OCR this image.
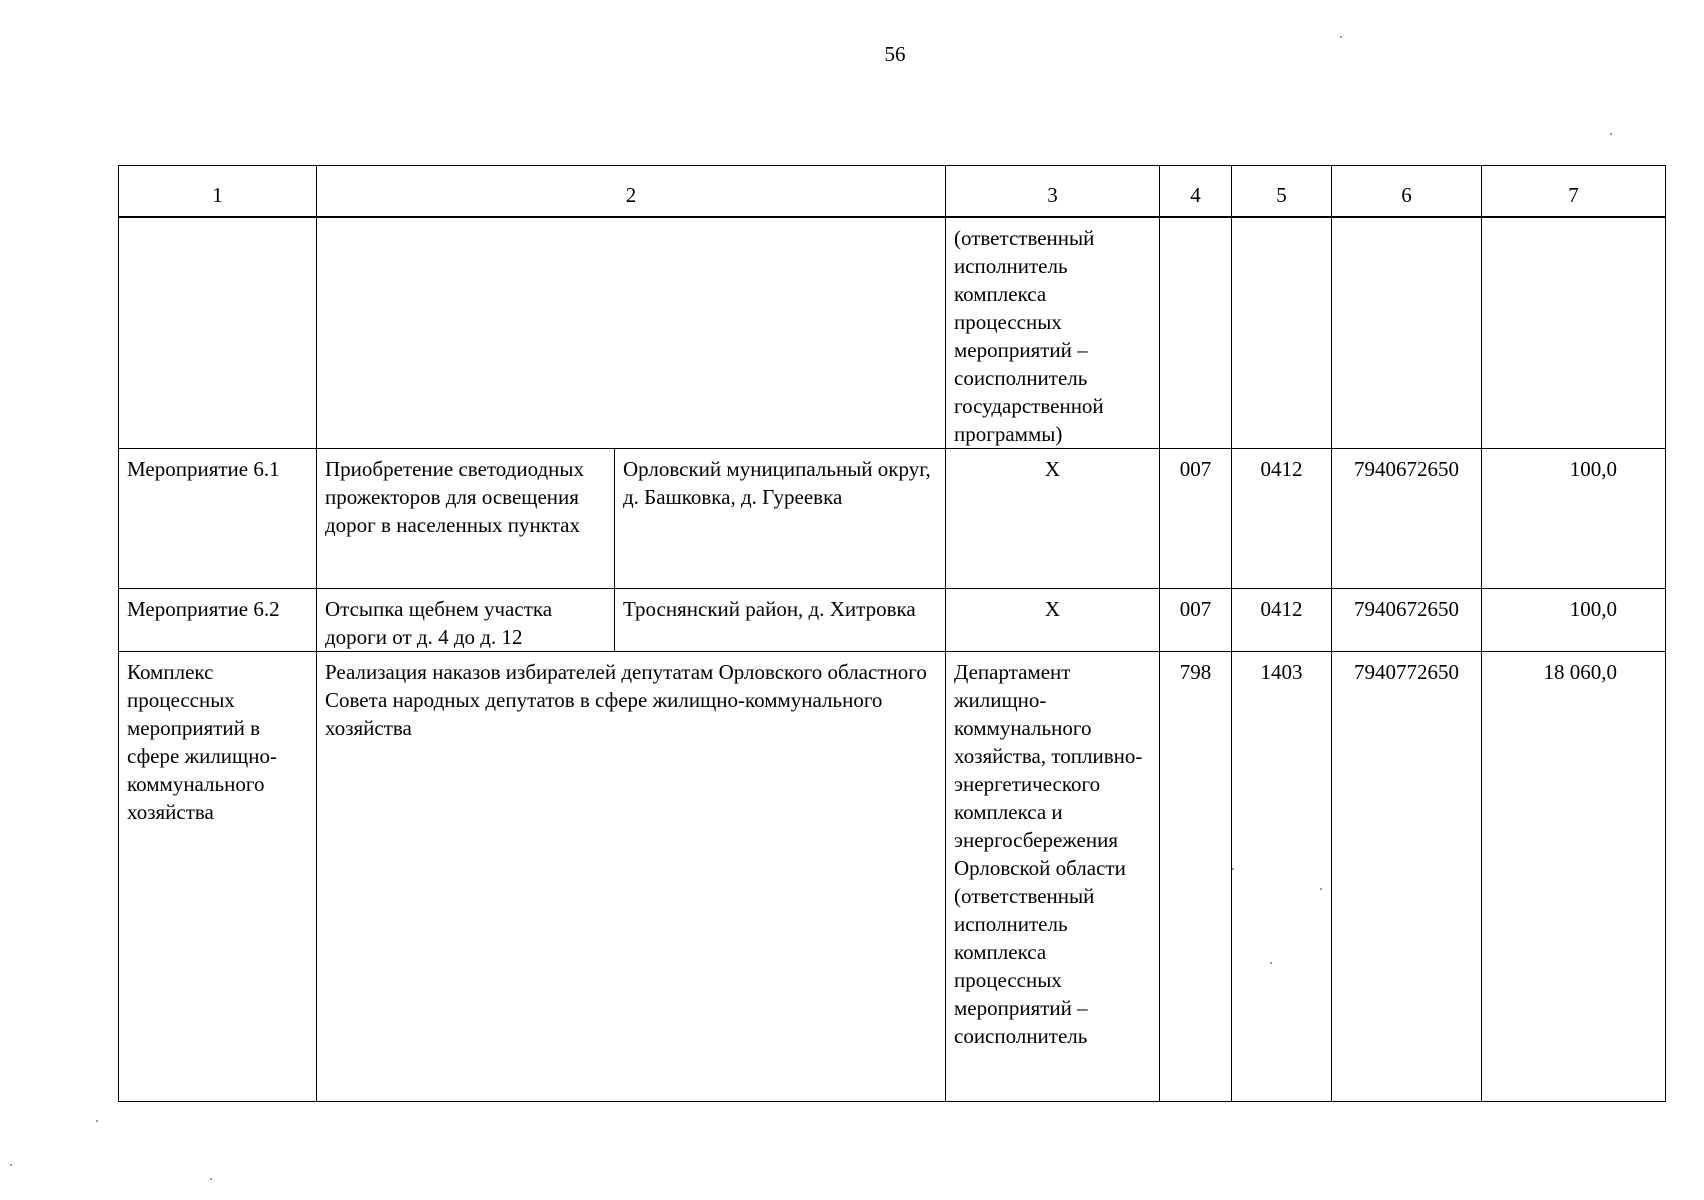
56
1	2		3	4	5	6	7
			(ответственный исполнитель комплекса процессных мероприятий – соисполнитель государственной программы)				
Мероприятие 6.1	Приобретение светодиодных прожекторов для освещения дорог в населенных пунктах	Орловский муниципальный округ, д. Башковка, д. Гуреевка	Х	007	0412	7940672650	100,0
Мероприятие 6.2	Отсыпка щебнем участка дороги от д. 4 до д. 12	Троснянский район, д. Хитровка	Х	007	0412	7940672650	100,0
Комплекс процессных мероприятий в сфере жилищно-коммунального хозяйства	Реализация наказов избирателей депутатам Орловского областного Совета народных депутатов в сфере жилищно-коммунального хозяйства		Департамент жилищно-коммунального хозяйства, топливно-энергетического комплекса и энергосбережения Орловской области (ответственный исполнитель комплекса процессных мероприятий – соисполнитель	798	1403	7940772650	18 060,0
